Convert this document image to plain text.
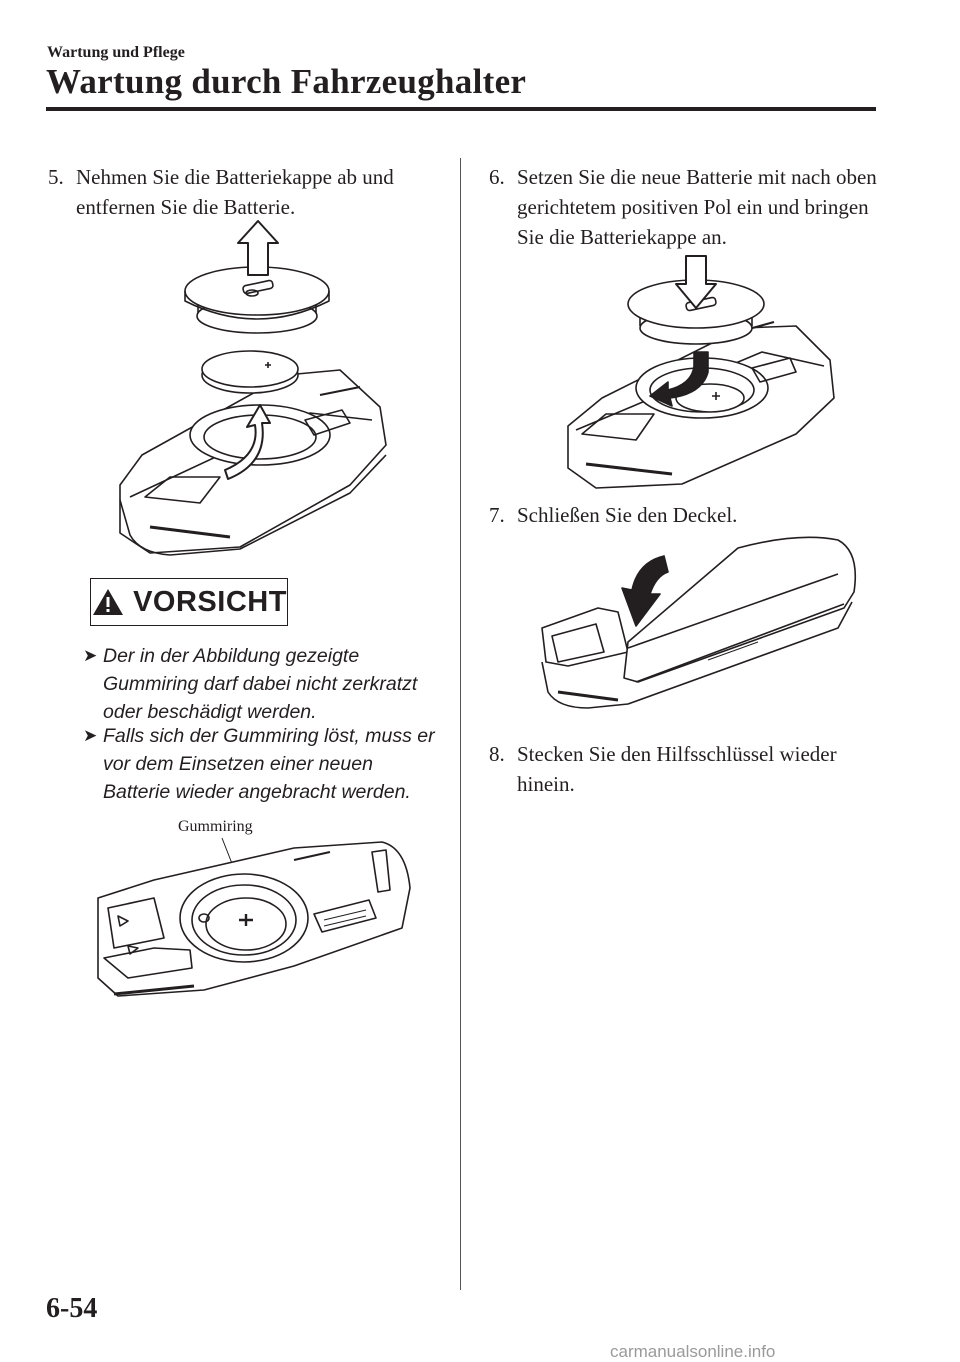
Wartung und Pflege
Wartung durch Fahrzeughalter
5. Nehmen Sie die Batteriekappe ab und entfernen Sie die Batterie.
VORSICHT
➤ Der in der Abbildung gezeigte Gummiring darf dabei nicht zerkratzt oder beschädigt werden.
➤ Falls sich der Gummiring löst, muss er vor dem Einsetzen einer neuen Batterie wieder angebracht werden.
Gummiring
6. Setzen Sie die neue Batterie mit nach oben gerichtetem positiven Pol ein und bringen Sie die Batteriekappe an.
7. Schließen Sie den Deckel.
8. Stecken Sie den Hilfsschlüssel wieder hinein.
6-54
carmanualsonline.info
